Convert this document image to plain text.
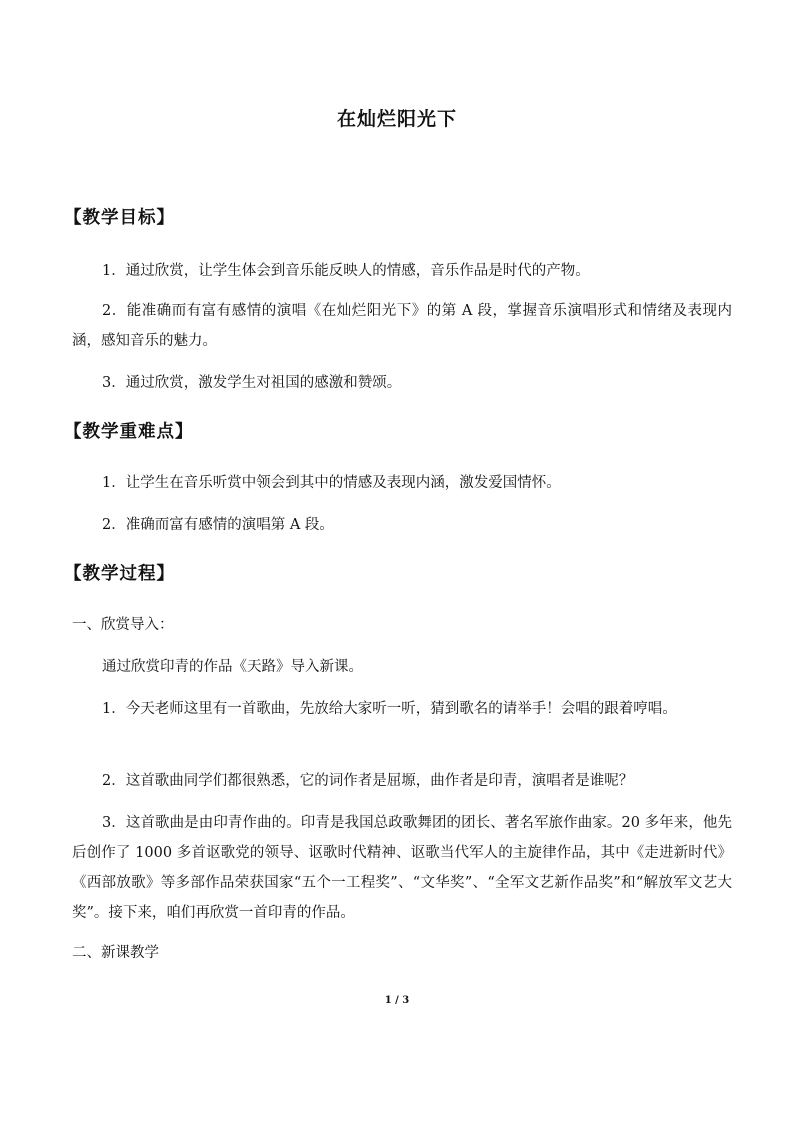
在灿烂阳光下
【教学目标】
1．通过欣赏，让学生体会到音乐能反映人的情感，音乐作品是时代的产物。
2．能准确而有富有感情的演唱《在灿烂阳光下》的第 A 段，掌握音乐演唱形式和情绪及表现内涵，感知音乐的魅力。
3．通过欣赏，激发学生对祖国的感激和赞颂。
【教学重难点】
1．让学生在音乐听赏中领会到其中的情感及表现内涵，激发爱国情怀。
2．准确而富有感情的演唱第 A 段。
【教学过程】
一、欣赏导入：
通过欣赏印青的作品《天路》导入新课。
1．今天老师这里有一首歌曲，先放给大家听一听，猜到歌名的请举手！会唱的跟着哼唱。
2．这首歌曲同学们都很熟悉，它的词作者是屈塬，曲作者是印青，演唱者是谁呢？
3．这首歌曲是由印青作曲的。印青是我国总政歌舞团的团长、著名军旅作曲家。20 多年来，他先后创作了 1000 多首讴歌党的领导、讴歌时代精神、讴歌当代军人的主旋律作品，其中《走进新时代》《西部放歌》等多部作品荣获国家“五个一工程奖”、“文华奖”、“全军文艺新作品奖”和“解放军文艺大奖”。接下来，咱们再欣赏一首印青的作品。
二、新课教学
1 / 3
